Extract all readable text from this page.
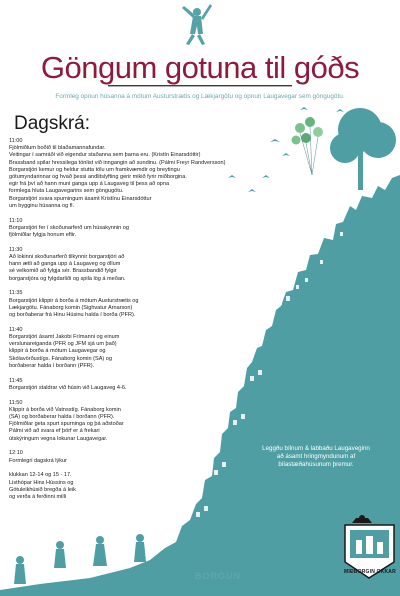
Göngum gotuna til góðs
Formleg opnun húsanna á mótum Austurstrætis og Lækjargötu og opnun Laugavegar sem göngugötu.
Dagskrá:
11:00
Fjölmiðlum boðið til blaðamannafundar.
Veitingar í samráði við eigendur staðanna sem þarna eru. (Kristín Einarsdóttir)
Brassband spilar hressilega tónlist við inngangin að sundinu. (Pálmi Freyr Randversson)
Borgarstjóri kemur og heldur stutta tölu um framkvæmdir og breytingu
götumyndarinnar og hvað þessi andlitslyfting gerir mikið fyrir miðborgina.
egir frá því að hann muni ganga upp á Laugaveg til þess að opna
formlega hluta Laugavegarins sem göngugötu.
Borgarstjóri svara spurningum ásamt Kristínu Einarsdóttur
um bygginu húsanna og fl.
11:10
Borgarstjóri fer í skoðunarferð um húsakynnin og
fjölmiðlar fylgja honum eftir.
11:30
Að lokinni skoðunarferð tilkynnir borgarstjóri að
hann ætli að ganga upp á Laugaveg og öllum
sé velkomið að fylgja sér. Brassbandið fylgir
borgarstjóra og fylgdarliði og spila lög á meðan.
11:35
Borgarstjóri klippir á borða á mótum Austurstrætis og
Lækjargötu. Fánaborg komin (Sighvatur Arnarson)
og borðaberar frá Hinu Húsinu halda í borða (PFR).
11:40
Borgarstjóri ásamt Jakobi Frímanni og einum
verslunareiganda (PFR og JFM sjá um það)
klippir á borða á mótum Laugavegar og
Skólavörðustígs. Fánaborg komin (SA) og
borðaberar halda í borðann (PFR).
11:45
Borgarstjóri staldrar við húsin við Laugaveg 4-6.
11:50
Klippir á borða við Vatnsstíg. Fánaborg komin
(SA) og borðaberar halda í borðann (PFR).
Fjölmiðlar geta spurt spurninga og þá aðstoðar
Pálmi við að svara ef þörf er á frekari
útskýringum vegna lokunar Laugavegar.
12:10
Formlegri dagskrá lýkur
klukkan 12-14 og 15 - 17.
Listhópar Hins Hússins og
Götuleikhúsið bregða á leik
og verða á ferðinni milli
Leggðu bílnum & labbaðu Laugaveginn
að ásamt hringmyndunum af
bílastæðahúsunum þremur.
BORGUN	MIÐBORGIN OKKAR
